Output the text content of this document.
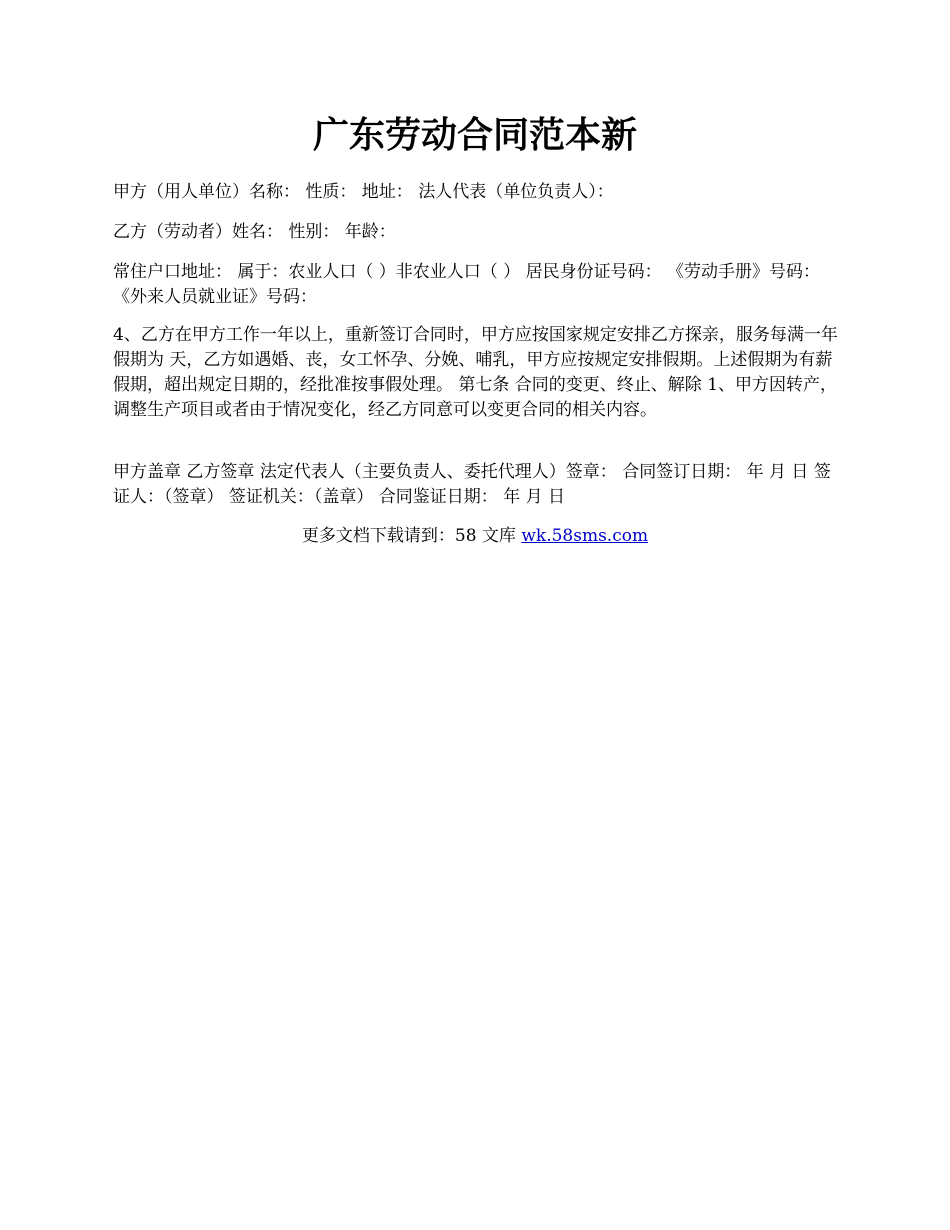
广东劳动合同范本新

甲方（用人单位）名称： 性质： 地址： 法人代表（单位负责人）：

乙方（劳动者）姓名： 性别： 年龄：

常住户口地址： 属于：农业人口（ ）非农业人口（ ） 居民身份证号码： 《劳动手册》号码： 《外来人员就业证》号码：

4、乙方在甲方工作一年以上，重新签订合同时，甲方应按国家规定安排乙方探亲，服务每满一年假期为 天，乙方如遇婚、丧，女工怀孕、分娩、哺乳，甲方应按规定安排假期。上述假期为有薪假期，超出规定日期的，经批准按事假处理。 第七条 合同的变更、终止、解除 1、甲方因转产，调整生产项目或者由于情况变化，经乙方同意可以变更合同的相关内容。

甲方盖章 乙方签章 法定代表人（主要负责人、委托代理人）签章： 合同签订日期： 年 月 日 签证人：（签章） 签证机关：（盖章） 合同鉴证日期： 年 月 日

更多文档下载请到：58 文库 wk.58sms.com
